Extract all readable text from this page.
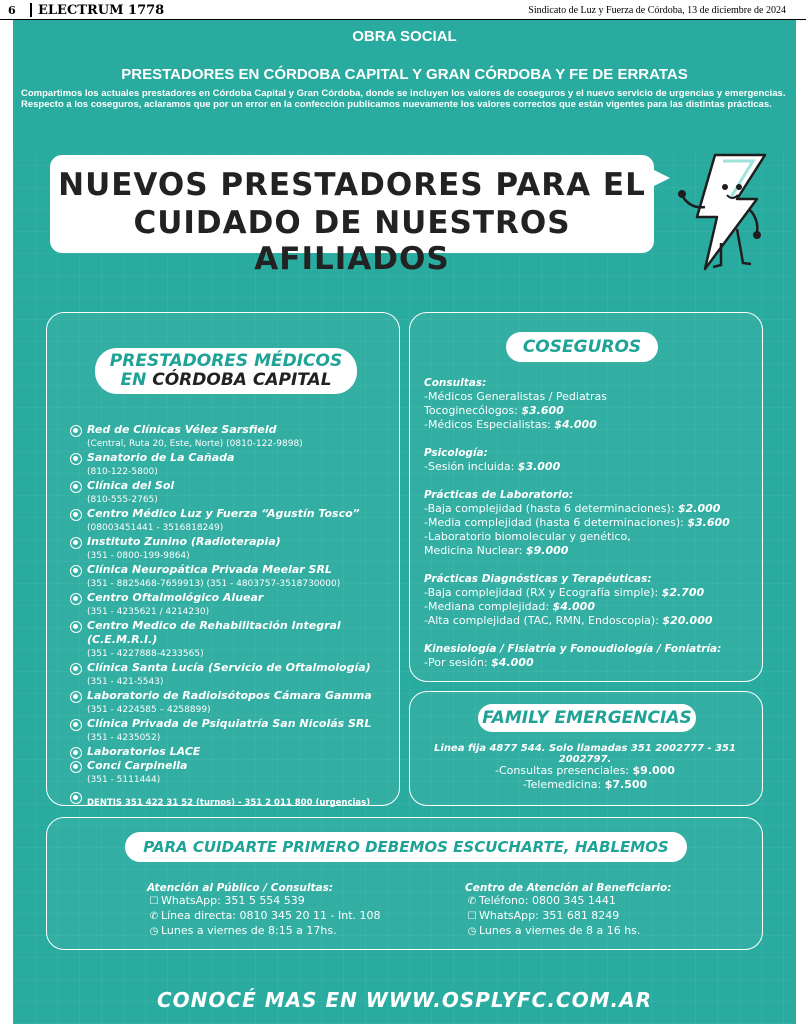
6 ELECTRUM 1778	Sindicato de Luz y Fuerza de Córdoba, 13 de diciembre de 2024
OBRA SOCIAL
PRESTADORES EN CÓRDOBA CAPITAL Y GRAN CÓRDOBA Y FE DE ERRATAS

Compartimos los actuales prestadores en Córdoba Capital y Gran Córdoba, donde se incluyen los valores de coseguros y el nuevo servicio de urgencias y emergencias.

Respecto a los coseguros, aclaramos que por un error en la confección publicamos nuevamente los valores correctos que están vigentes para las distintas prácticas.

NUEVOS PRESTADORES PARA EL
CUIDADO DE NUESTROS AFILIADOS
PRESTADORES MÉDICOS
EN CÓRDOBA CAPITAL
Red de Clínicas Vélez Sarsfield
(Central, Ruta 20, Este, Norte) (0810-122-9898)
Sanatorio de La Cañada
(810-122-5800)
Clínica del Sol
(810-555-2765)
Centro Médico Luz y Fuerza “Agustín Tosco”
(08003451441 - 3516818249)
Instituto Zunino (Radioterapia)
(351 - 0800-199-9864)
Clínica Neuropática Privada Meelar SRL
(351 - 8825468-7659913) (351 - 4803757-3518730000)
Centro Oftalmológico Aluear
(351 - 4235621 / 4214230)
Centro Medico de Rehabilitación Integral (C.E.M.R.I.)
(351 - 4227888-4233565)
Clínica Santa Lucía (Servicio de Oftalmología)
(351 - 421-5543)
Laboratorio de Radioisótopos Cámara Gamma
(351 - 4224585 – 4258899)
Clínica Privada de Psiquiatría San Nicolás SRL
(351 - 4235052)
Laboratorios LACE
Conci Carpinella
(351 - 5111444)
DENTIS 351 422 31 52 (turnos) - 351 2 011 800 (urgencias)
COSEGUROS
Consultas:
-Médicos Generalistas / Pediatras
Tocoginecólogos: $3.600
-Médicos Especialistas: $4.000
Psicología:
-Sesión incluida: $3.000
Prácticas de Laboratorio:
-Baja complejidad (hasta 6 determinaciones): $2.000
-Media complejidad (hasta 6 determinaciones): $3.600
-Laboratorio biomolecular y genético,
Medicina Nuclear: $9.000
Prácticas Diagnósticas y Terapéuticas:
-Baja complejidad (RX y Ecografía simple): $2.700
-Mediana complejidad: $4.000
-Alta complejidad (TAC, RMN, Endoscopia): $20.000
Kinesiología / Fisiatría y Fonoudiología / Foniatría:
-Por sesión: $4.000
FAMILY EMERGENCIAS
Linea fija 4877 544. Solo llamadas 351 2002777 - 351 2002797.
-Consultas presenciales: $9.000
-Telemedicina: $7.500
PARA CUIDARTE PRIMERO DEBEMOS ESCUCHARTE, HABLEMOS
Atención al Público / Consultas:
☐ WhatsApp: 351 5 554 539
✆ Línea directa: 0810 345 20 11 - Int. 108
◷ Lunes a viernes de 8:15 a 17hs.
Centro de Atención al Beneficiario:
✆ Teléfono: 0800 345 1441
☐ WhatsApp: 351 681 8249
◷ Lunes a viernes de 8 a 16 hs.
CONOCÉ MAS EN WWW.OSPLYFC.COM.AR
